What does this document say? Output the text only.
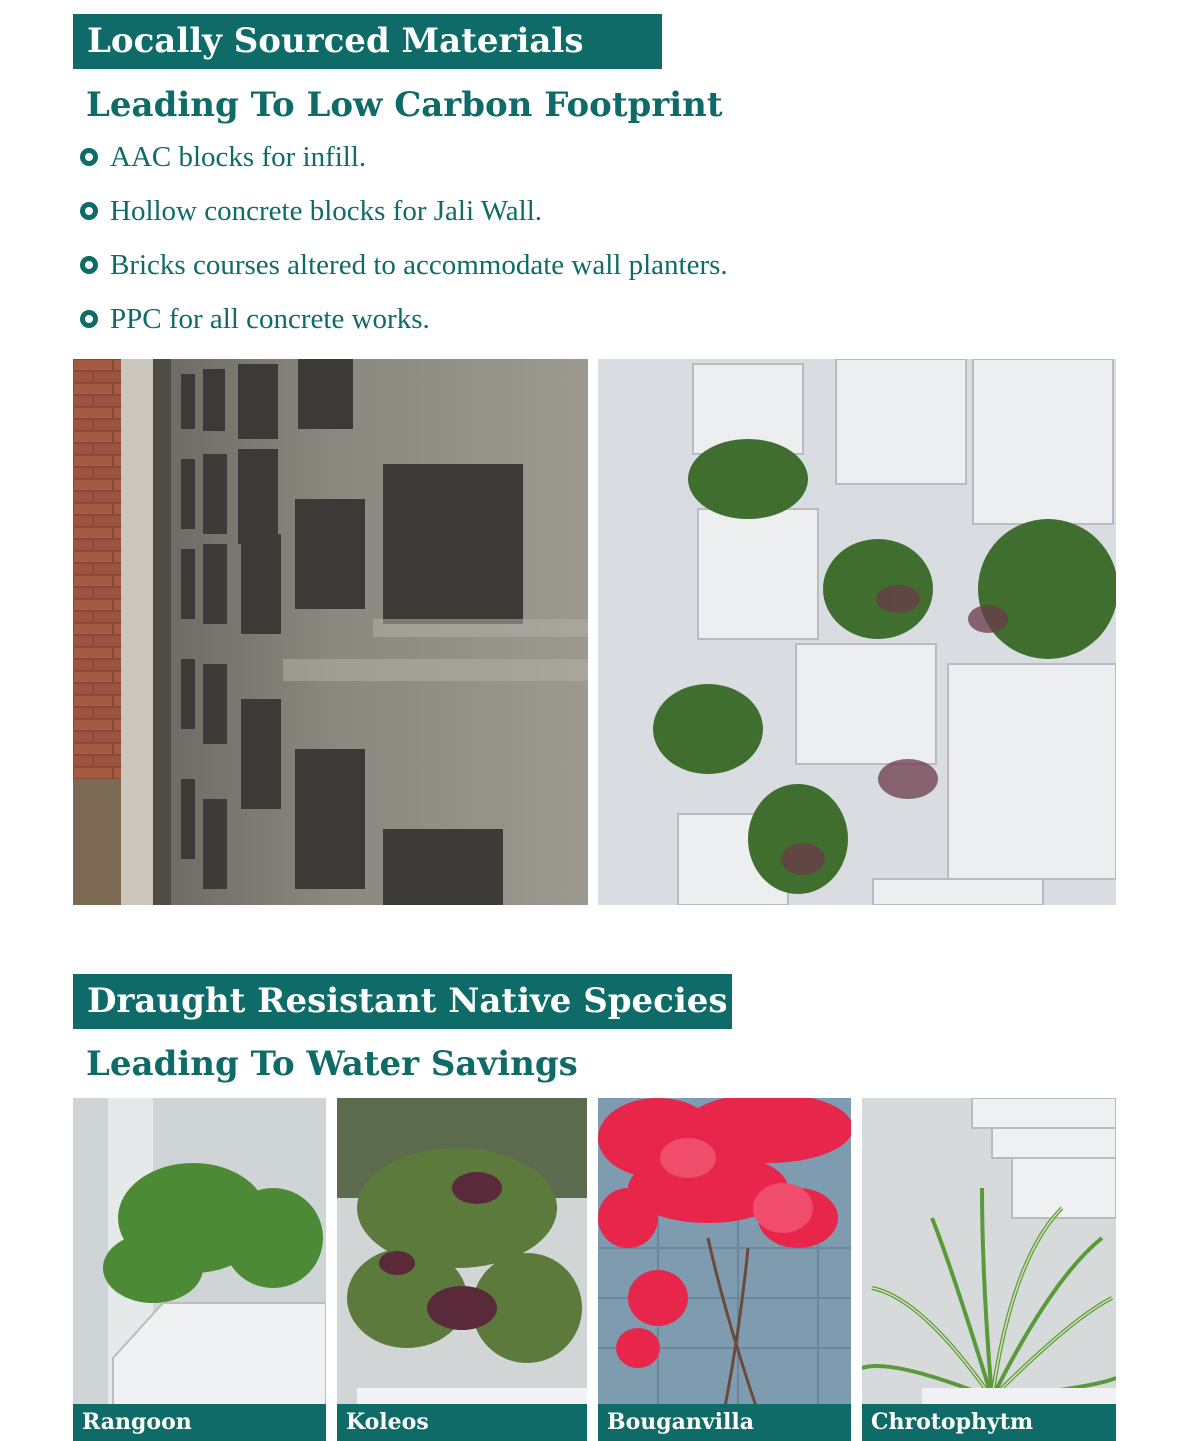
Locally Sourced Materials
Leading To Low Carbon Footprint
AAC blocks for infill.
Hollow concrete blocks for Jali Wall.
Bricks courses altered to accommodate wall planters.
PPC for all concrete works.
Draught Resistant Native Species
Leading To Water Savings
Rangoon	Koleos	Bouganvilla	Chrotophytm
